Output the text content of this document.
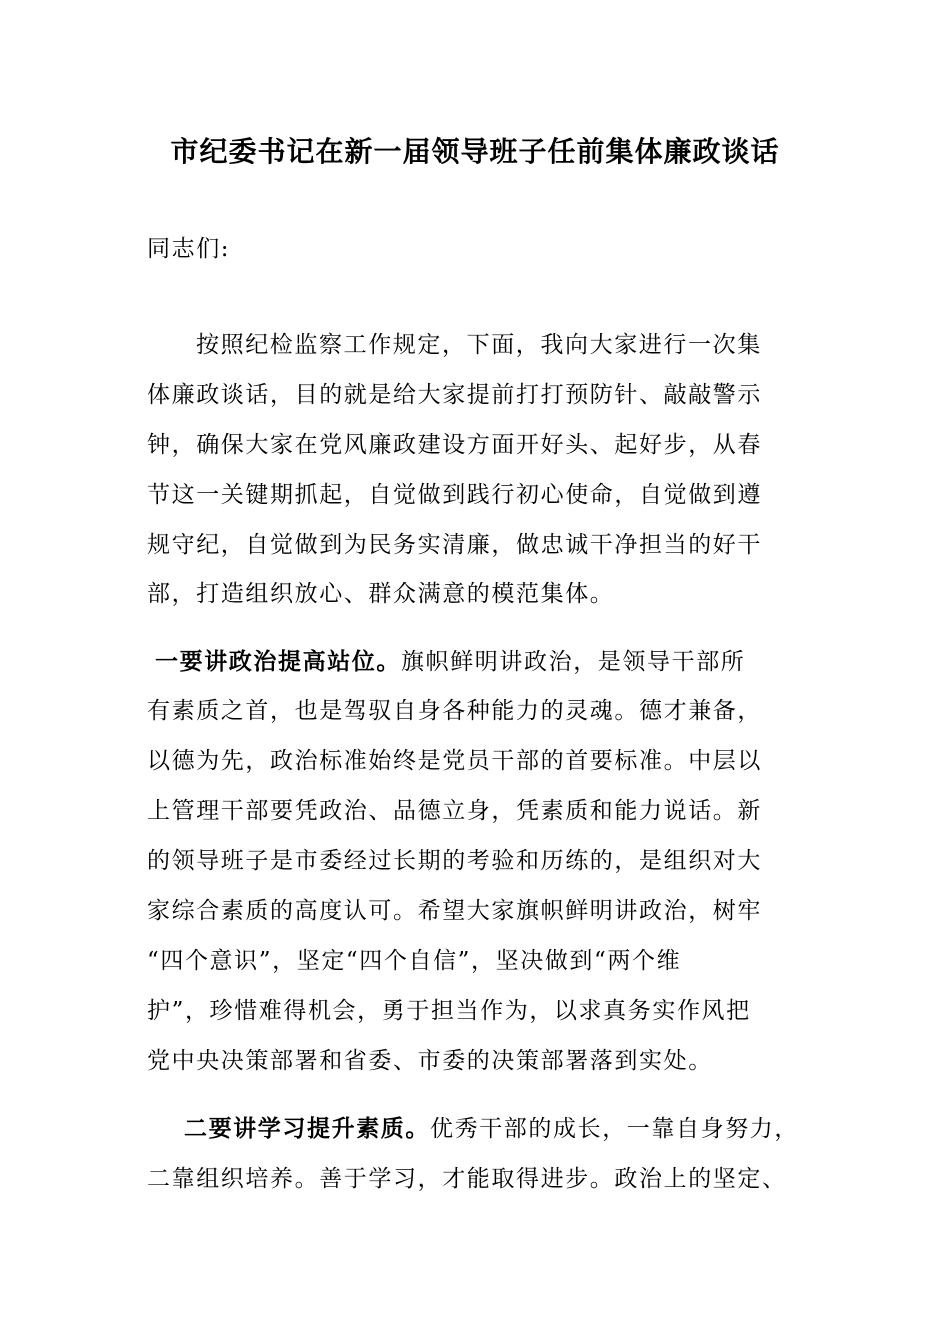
市纪委书记在新一届领导班子任前集体廉政谈话
同志们:
按照纪检监察工作规定，下面，我向大家进行一次集
体廉政谈话，目的就是给大家提前打打预防针、敲敲警示
钟，确保大家在党风廉政建设方面开好头、起好步，从春
节这一关键期抓起，自觉做到践行初心使命，自觉做到遵
规守纪，自觉做到为民务实清廉，做忠诚干净担当的好干
部，打造组织放心、群众满意的模范集体。
一要讲政治提高站位。旗帜鲜明讲政治，是领导干部所
有素质之首，也是驾驭自身各种能力的灵魂。德才兼备，
以德为先，政治标准始终是党员干部的首要标准。中层以
上管理干部要凭政治、品德立身，凭素质和能力说话。新
的领导班子是市委经过长期的考验和历练的，是组织对大
家综合素质的高度认可。希望大家旗帜鲜明讲政治，树牢
“四个意识”，坚定“四个自信”，坚决做到“两个维
护”，珍惜难得机会，勇于担当作为，以求真务实作风把
党中央决策部署和省委、市委的决策部署落到实处。
二要讲学习提升素质。优秀干部的成长，一靠自身努力，
二靠组织培养。善于学习，才能取得进步。政治上的坚定、
